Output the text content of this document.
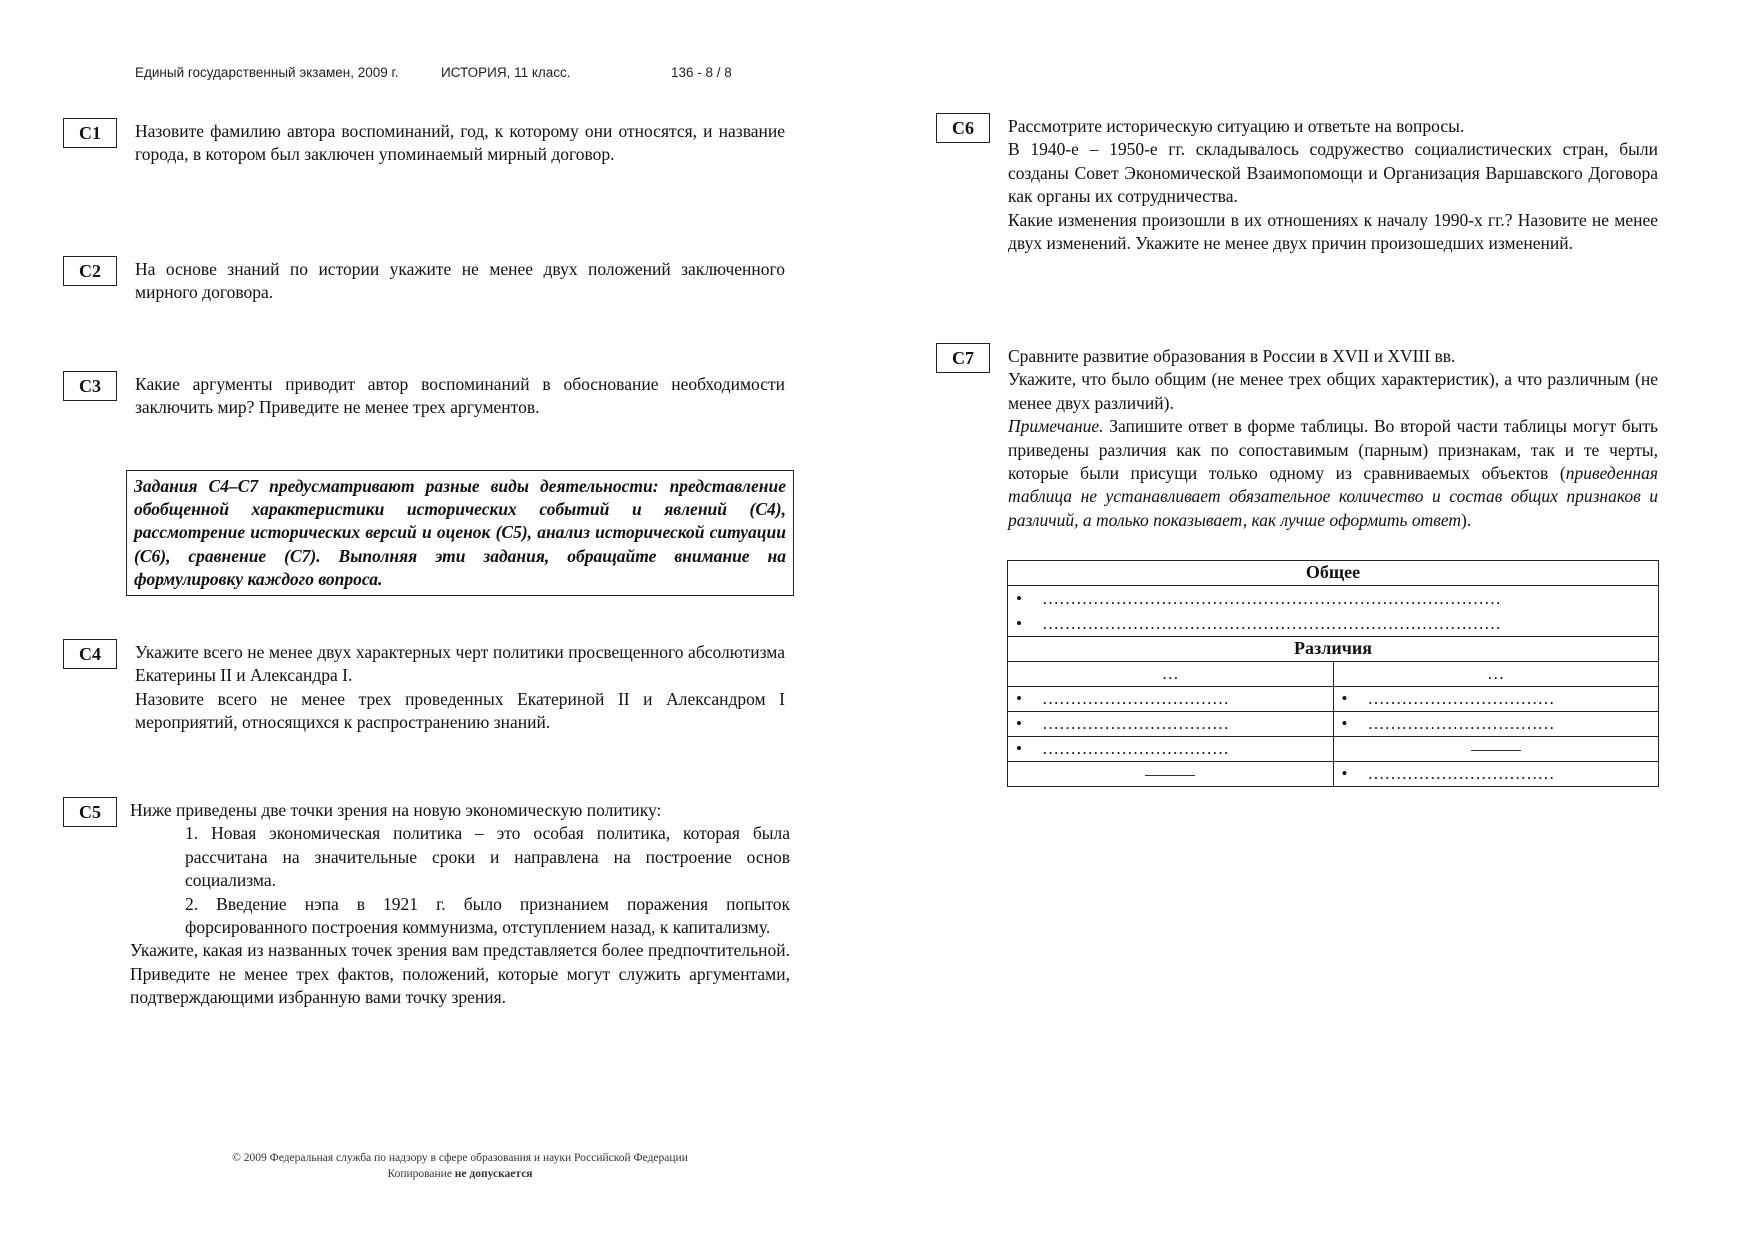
Единый государственный экзамен, 2009 г.	ИСТОРИЯ, 11 класс.	136 - 8 / 8
C1	Назовите фамилию автора воспоминаний, год, к которому они относятся, и название города, в котором был заключен упоминаемый мирный договор.
C2	На основе знаний по истории укажите не менее двух положений заключенного мирного договора.
C3	Какие аргументы приводит автор воспоминаний в обоснование необходимости заключить мир? Приведите не менее трех аргументов.
Задания С4–С7 предусматривают разные виды деятельности: представление обобщенной характеристики исторических событий и явлений (С4), рассмотрение исторических версий и оценок (С5), анализ исторической ситуации (С6), сравнение (С7). Выполняя эти задания, обращайте внимание на формулировку каждого вопроса.
C4	Укажите всего не менее двух характерных черт политики просвещенного абсолютизма Екатерины II и Александра I.

Назовите всего не менее трех проведенных Екатериной II и Александром I мероприятий, относящихся к распространению знаний.

C5	Ниже приведены две точки зрения на новую экономическую политику:

1. Новая экономическая политика – это особая политика, которая была рассчитана на значительные сроки и направлена на построение основ социализма.

2. Введение нэпа в 1921 г. было признанием поражения попыток форсированного построения коммунизма, отступлением назад, к капитализму.

Укажите, какая из названных точек зрения вам представляется более предпочтительной. Приведите не менее трех фактов, положений, которые могут служить аргументами, подтверждающими избранную вами точку зрения.

C6	Рассмотрите историческую ситуацию и ответьте на вопросы.

В 1940-е – 1950-е гг. складывалось содружество социалистических стран, были созданы Совет Экономической Взаимопомощи и Организация Варшавского Договора как органы их сотрудничества.

Какие изменения произошли в их отношениях к началу 1990-х гг.? Назовите не менее двух изменений. Укажите не менее двух причин произошедших изменений.

C7	Сравните развитие образования в России в XVII и XVIII вв.

Укажите, что было общим (не менее трех общих характеристик), а что различным (не менее двух различий).

Примечание. Запишите ответ в форме таблицы. Во второй части таблицы могут быть приведены различия как по сопоставимым (парным) признакам, так и те черты, которые были присущи только одному из сравниваемых объектов (приведенная таблица не устанавливает обязательное количество и состав общих признаков и различий, а только показывает, как лучше оформить ответ).

Общее	
• ………………………………………………………………………	
• ………………………………………………………………………	
Различия	
…	…
• ……………………………	• ……………………………
• ……………………………	• ……………………………
• ……………………………	
	• ……………………………
© 2009 Федеральная служба по надзору в сфере образования и науки Российской Федерации
Копирование не допускается
